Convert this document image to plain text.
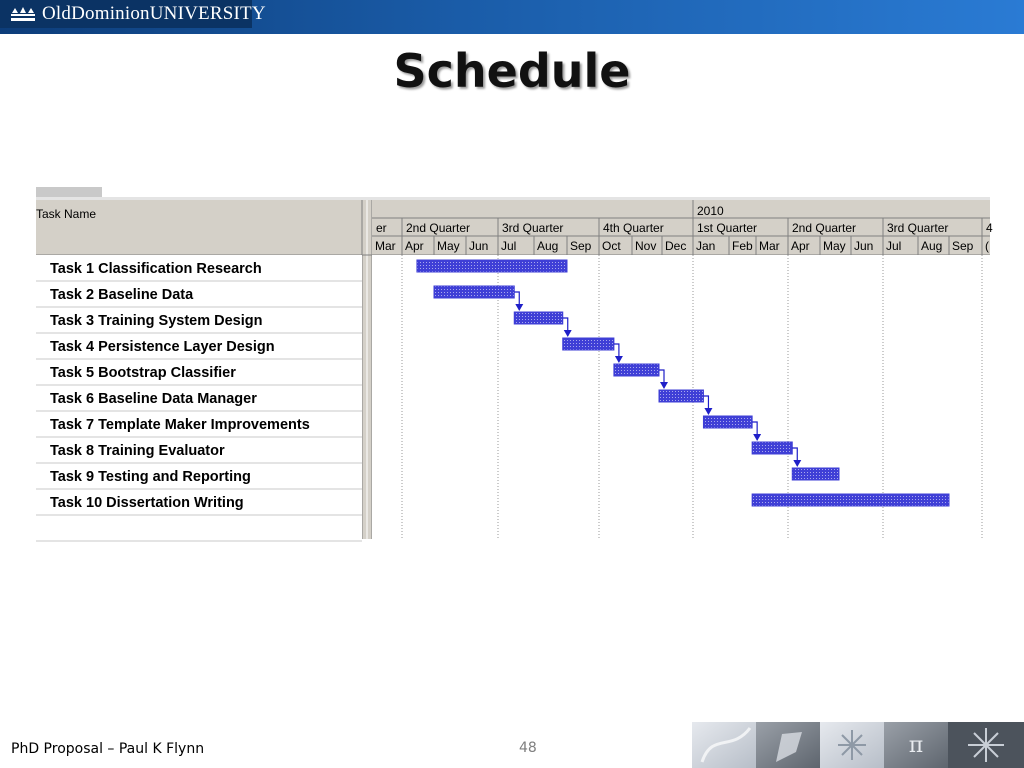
OldDominionUNIVERSITY
Schedule
Task Name	2010
er 2nd Quarter	3rd Quarter	4th Quarter	1st Quarter	2nd Quarter	3rd Quarter	4
Mar Apr May Jun Jul Aug Sep Oct Nov Dec Jan Feb Mar Apr May Jun Jul Aug Sep (
Task 1 Classification Research
Task 2 Baseline Data
Task 3 Training System Design
Task 4 Persistence Layer Design
Task 5 Bootstrap Classifier
Task 6 Baseline Data Manager
Task 7 Template Maker Improvements
Task 8 Training Evaluator
Task 9 Testing and Reporting
Task 10 Dissertation Writing
PhD Proposal – Paul K Flynn	48	π
